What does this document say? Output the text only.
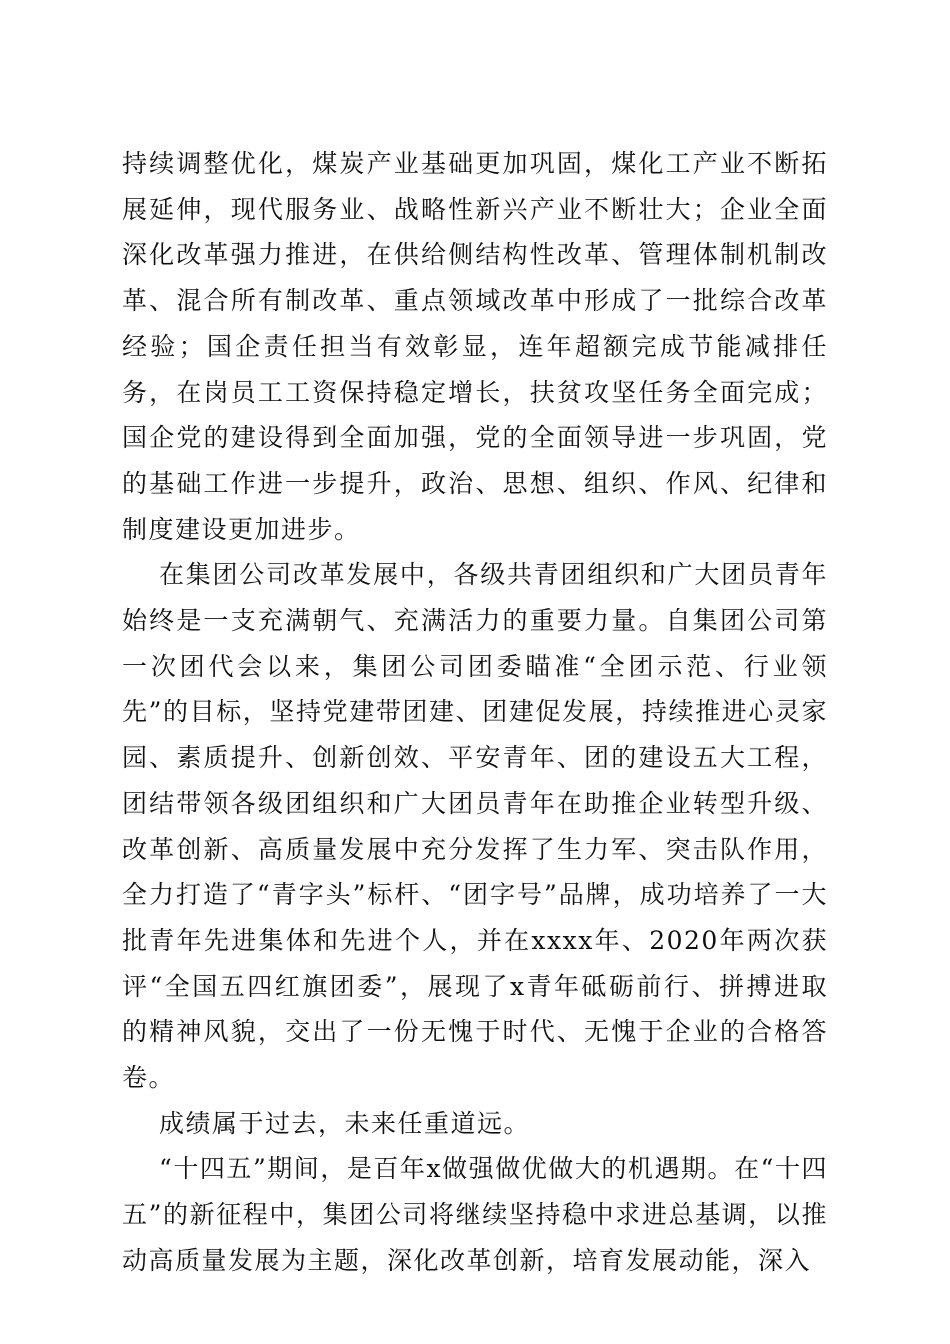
持续调整优化，煤炭产业基础更加巩固，煤化工产业不断拓展延伸，现代服务业、战略性新兴产业不断壮大；企业全面深化改革强力推进，在供给侧结构性改革、管理体制机制改革、混合所有制改革、重点领域改革中形成了一批综合改革经验；国企责任担当有效彰显，连年超额完成节能减排任务，在岗员工工资保持稳定增长，扶贫攻坚任务全面完成；国企党的建设得到全面加强，党的全面领导进一步巩固，党的基础工作进一步提升，政治、思想、组织、作风、纪律和制度建设更加进步。

在集团公司改革发展中，各级共青团组织和广大团员青年始终是一支充满朝气、充满活力的重要力量。自集团公司第一次团代会以来，集团公司团委瞄准“全团示范、行业领先”的目标，坚持党建带团建、团建促发展，持续推进心灵家园、素质提升、创新创效、平安青年、团的建设五大工程，团结带领各级团组织和广大团员青年在助推企业转型升级、改革创新、高质量发展中充分发挥了生力军、突击队作用，全力打造了“青字头”标杆、“团字号”品牌，成功培养了一大批青年先进集体和先进个人，并在xxxx年、2020年两次获评“全国五四红旗团委”，展现了x青年砥砺前行、拼搏进取的精神风貌，交出了一份无愧于时代、无愧于企业的合格答卷。

成绩属于过去，未来任重道远。

“十四五”期间，是百年x做强做优做大的机遇期。在“十四五”的新征程中，集团公司将继续坚持稳中求进总基调，以推动高质量发展为主题，深化改革创新，培育发展动能，深入
